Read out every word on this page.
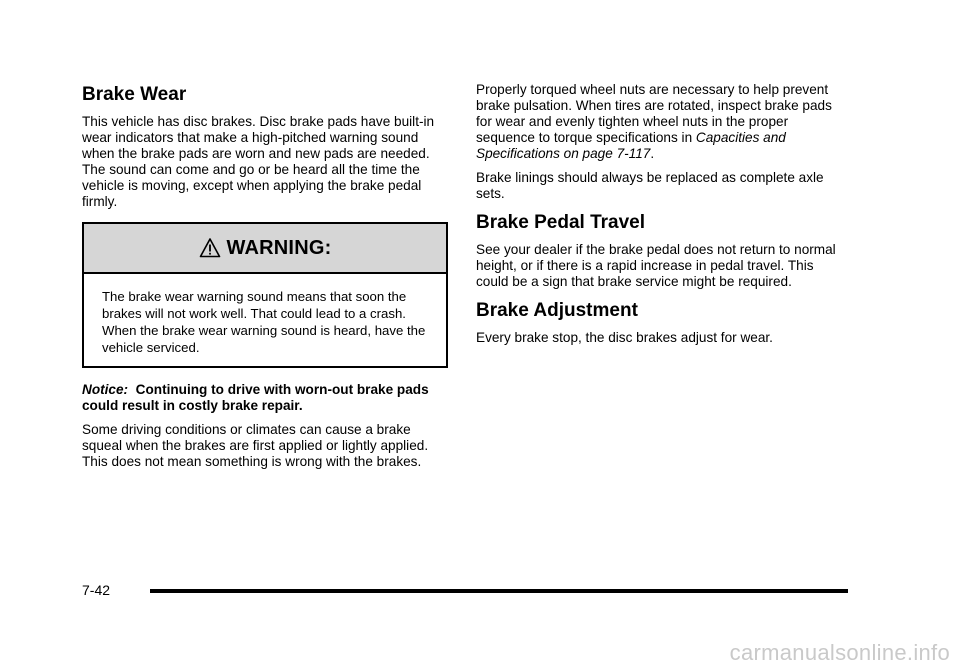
Brake Wear

This vehicle has disc brakes. Disc brake pads have built-in wear indicators that make a high-pitched warning sound when the brake pads are worn and new pads are needed. The sound can come and go or be heard all the time the vehicle is moving, except when applying the brake pedal firmly.

WARNING:

The brake wear warning sound means that soon the brakes will not work well. That could lead to a crash. When the brake wear warning sound is heard, have the vehicle serviced.

Notice: Continuing to drive with worn-out brake pads could result in costly brake repair.

Some driving conditions or climates can cause a brake squeal when the brakes are first applied or lightly applied. This does not mean something is wrong with the brakes.

Properly torqued wheel nuts are necessary to help prevent brake pulsation. When tires are rotated, inspect brake pads for wear and evenly tighten wheel nuts in the proper sequence to torque specifications in Capacities and Specifications on page 7-117.

Brake linings should always be replaced as complete axle sets.

Brake Pedal Travel

See your dealer if the brake pedal does not return to normal height, or if there is a rapid increase in pedal travel. This could be a sign that brake service might be required.

Brake Adjustment

Every brake stop, the disc brakes adjust for wear.

7-42
carmanualsonline.info
